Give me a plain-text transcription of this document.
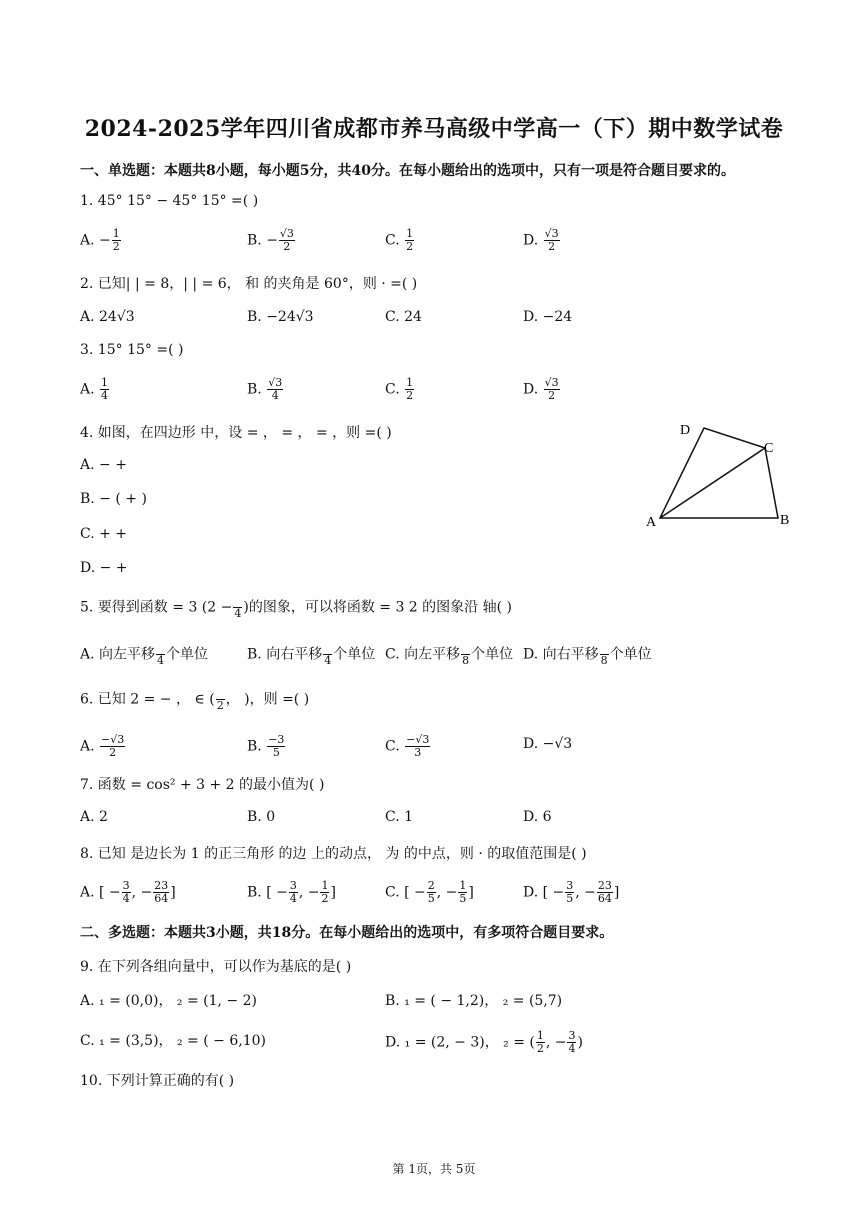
2024-2025学年四川省成都市养马高级中学高一（下）期中数学试卷
一、单选题：本题共8小题，每小题5分，共40分。在每小题给出的选项中，只有一项是符合题目要求的。
1. 45° 15° − 45° 15° =( )
A. − $\frac{1}{2}$	B. − $\frac{√3}{2}$	C. $\frac{1}{2}$	D. $\frac{√3}{2}$
2. 已知| | = 8，| | = 6， 和 的夹角是 60°，则 · =( )
A. 24√3	B. −24√3	C. 24	D. −24
3. 15° 15° =( )
A. $\frac{1}{4}$	B. $\frac{√3}{4}$	C. $\frac{1}{2}$	D. $\frac{√3}{2}$
4. 如图，在四边形 中，设 = ， = ， = ，则 =( )
A. − +
B. − ( + )
C. + +
D. − +
D
C
A	B
5. 要得到函数 = 3 (2 −
4 )的图象，可以将函数 = 3 2 的图象沿 轴( )
A. 向左平移
4 个单位	B. 向右平移
4 个单位 C. 向左平移
8 个单位 D. 向右平移
8 个单位
6. 已知 2 = − ， ∈ (
2 ， )，则 =( )
A. $\frac{-√3}{2}$	B. $\frac{-3}{5}$	C. $\frac{-√3}{3}$	D. −√3
7. 函数 = cos² + 3 + 2 的最小值为( )
A. 2	B. 0	C. 1	D. 6
8. 已知 是边长为 1 的正三角形 的边 上的动点， 为 的中点，则 · 的取值范围是( )
A. [ − $\frac{3}{4}$ , − $\frac{23}{64}$ ]	B. [ − $\frac{3}{4}$ , − $\frac{1}{2}$ ]	C. [ − $\frac{2}{5}$ , − $\frac{1}{5}$ ]	D. [ − $\frac{3}{5}$ , − $\frac{23}{64}$ ]
二、多选题：本题共3小题，共18分。在每小题给出的选项中，有多项符合题目要求。
9. 在下列各组向量中，可以作为基底的是( )
A. ₁ = (0,0)， ₂ = (1, − 2)	B. ₁ = ( − 1,2)， ₂ = (5,7)
C. ₁ = (3,5)， ₂ = ( − 6,10)	D. ₁ = (2, − 3)， ₂ = ( $\frac{1}{2}$ , − $\frac{3}{4}$ )
10. 下列计算正确的有( )
第 1页，共 5页
